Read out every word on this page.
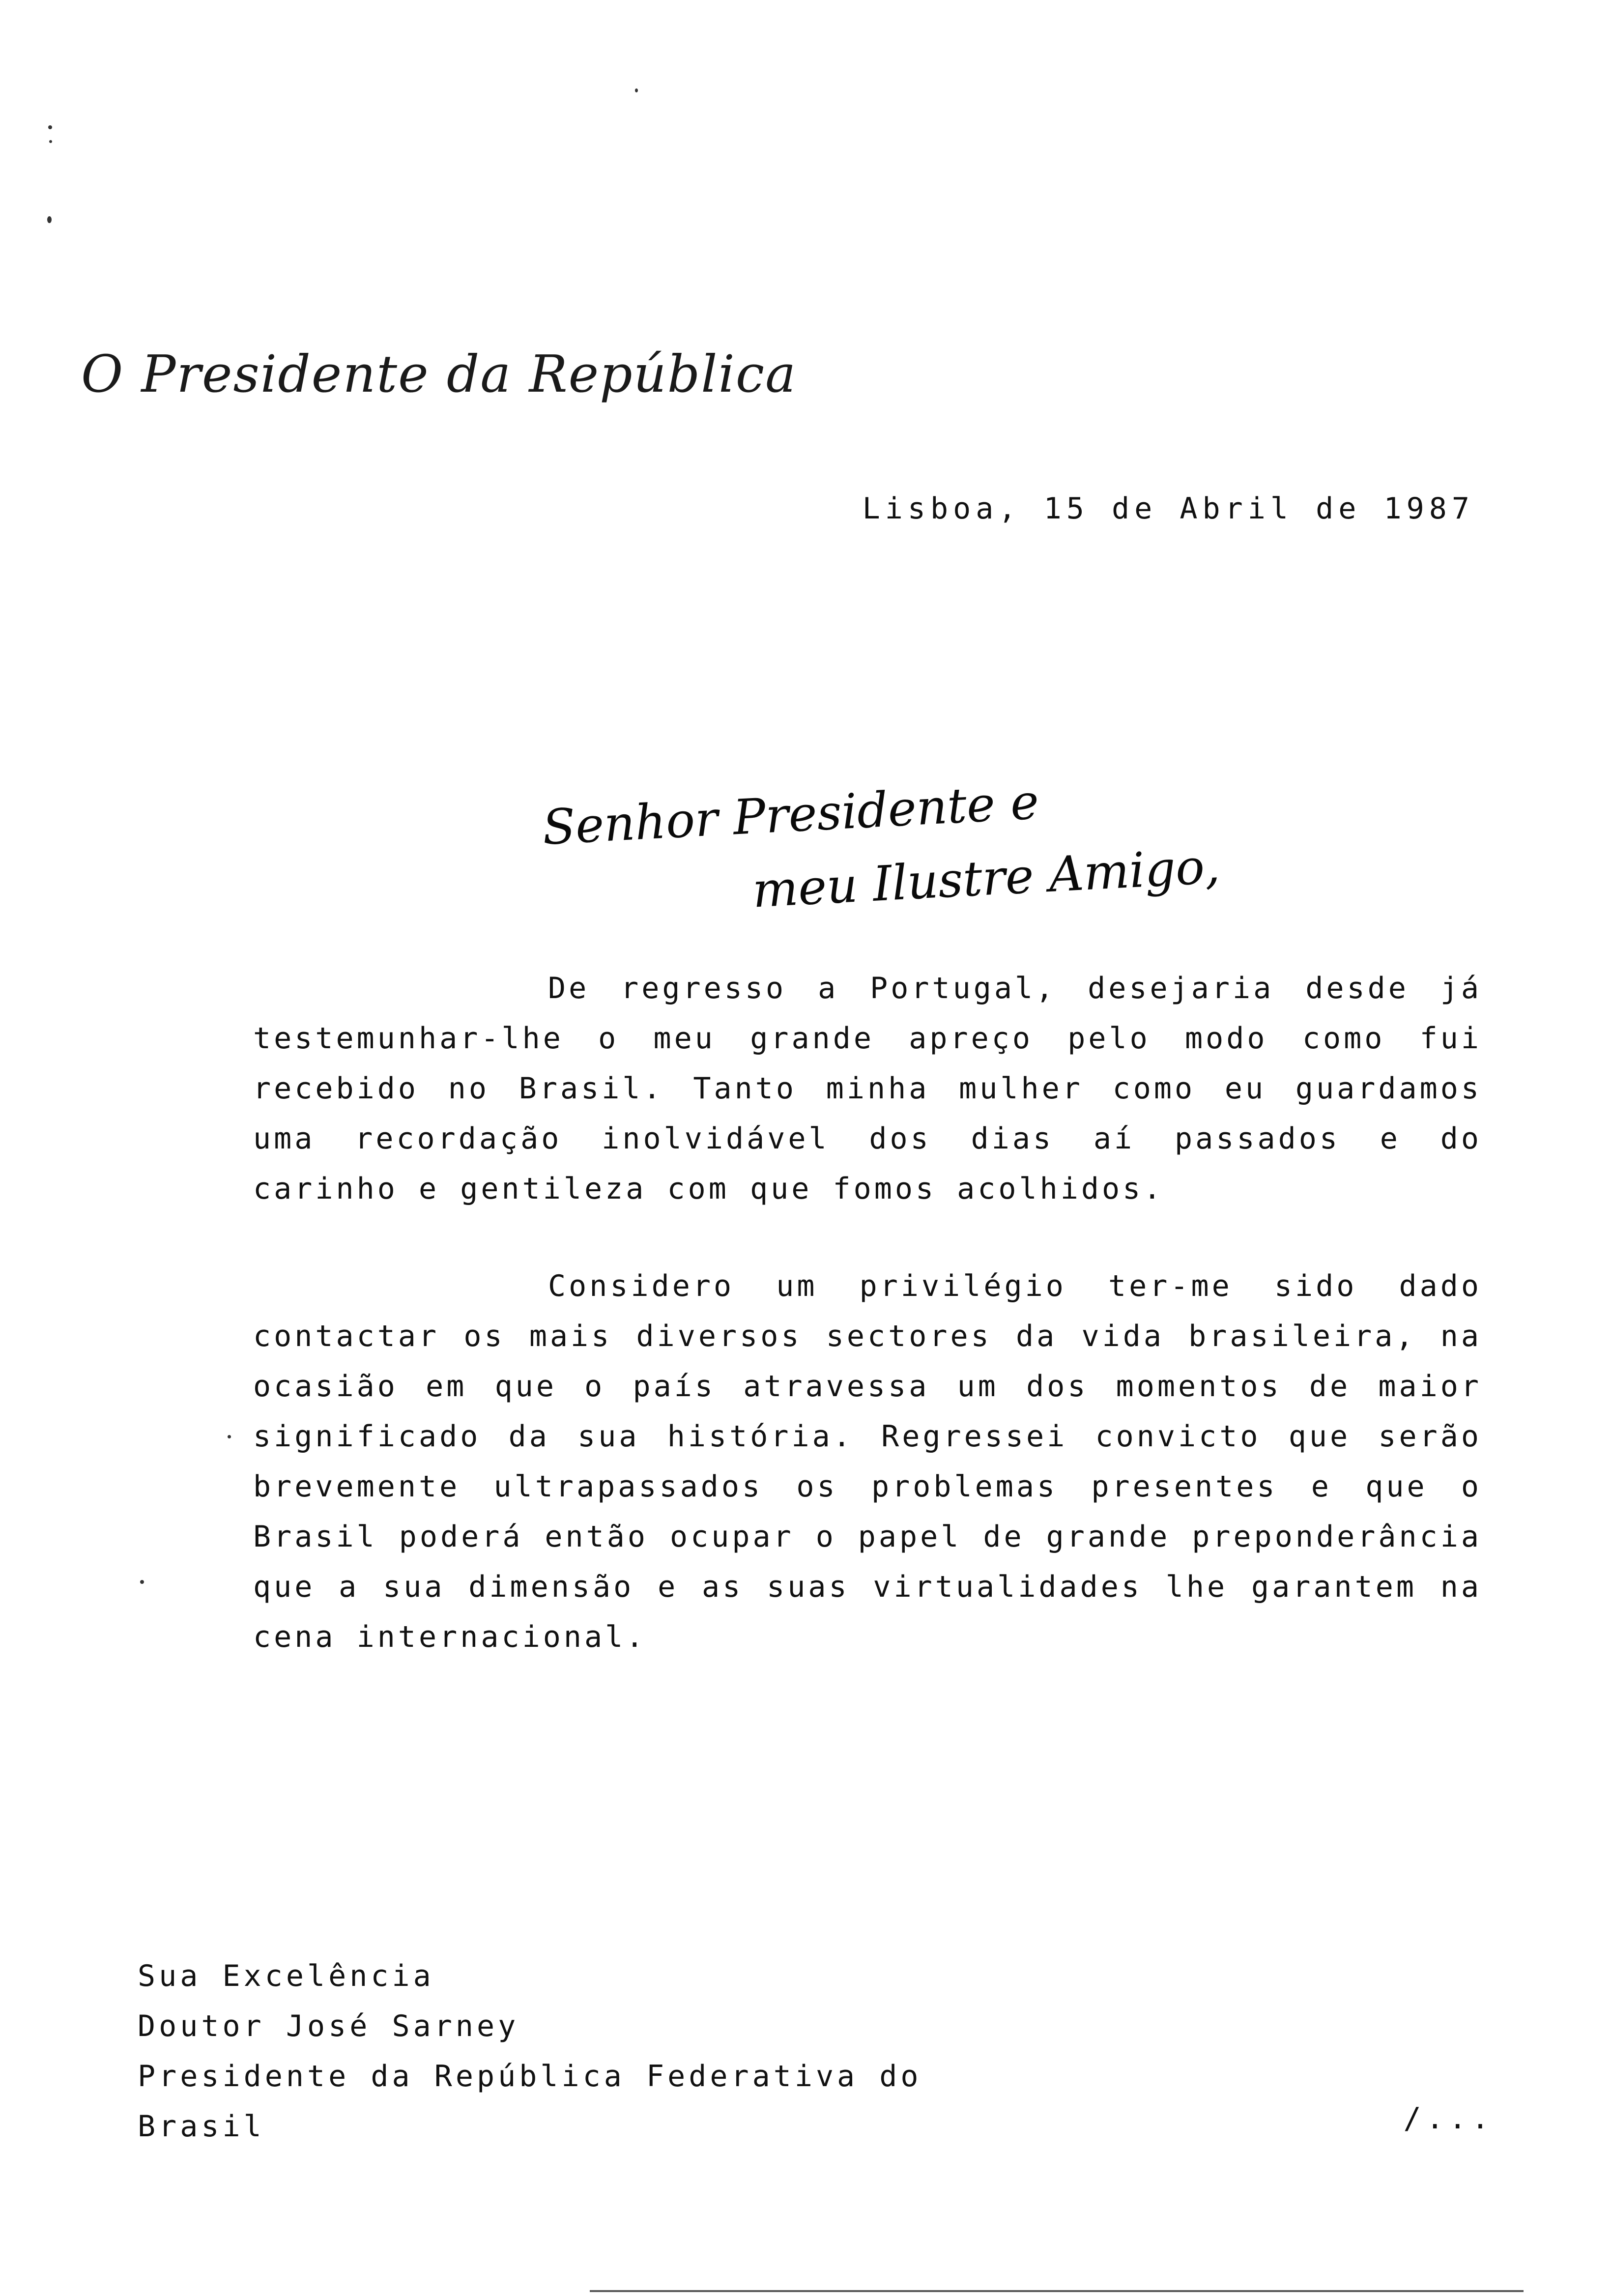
O Presidente da República
Lisboa, 15 de Abril de 1987
Senhor Presidente e
meu Ilustre Amigo,

De regresso a Portugal, desejaria desde já testemunhar-lhe o meu grande apreço pelo modo como fui recebido no Brasil. Tanto minha mulher como eu guardamos uma recordação inolvidável dos dias aí passados e do carinho e gentileza com que fomos acolhidos.

Considero um privilégio ter-me sido dado contactar os mais diversos sectores da vida brasileira, na ocasião em que o país atravessa um dos momentos de maior significado da sua história. Regressei convicto que serão brevemente ultrapassados os problemas presentes e que o Brasil poderá então ocupar o papel de grande preponderância que a sua dimensão e as suas virtualidades lhe garantem na cena internacional.

Sua Excelência
Doutor José Sarney
Presidente da República Federativa do
Brasil	/...
